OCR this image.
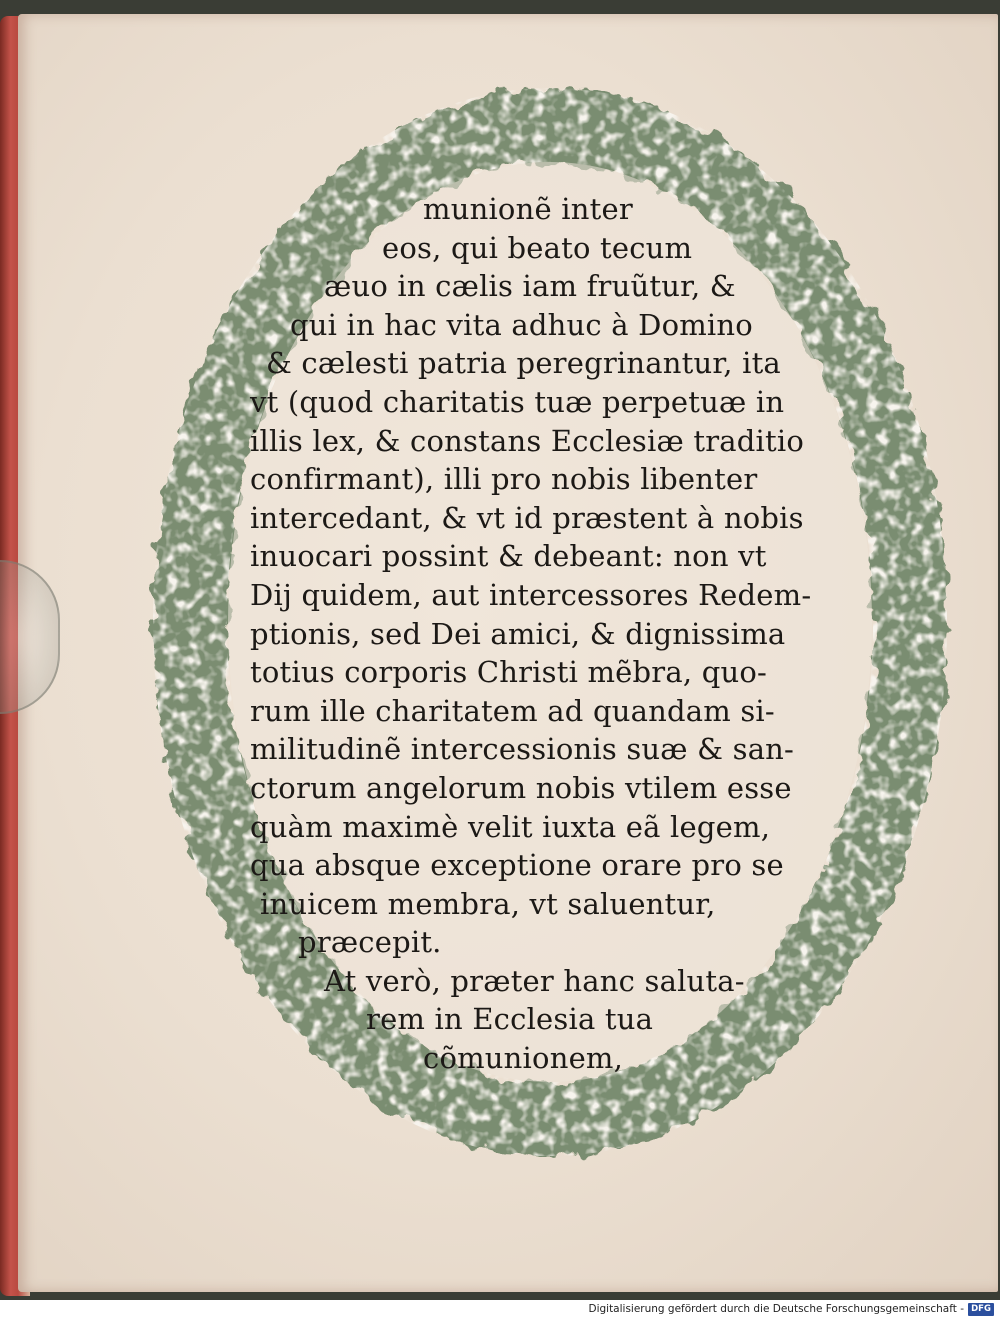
munionẽ inter
eos, qui beato tecum
æuo in cælis iam fruũtur, &
qui in hac vita adhuc à Domino
& cælesti patria peregrinantur, ita
vt (quod charitatis tuæ perpetuæ in
illis lex, & constans Ecclesiæ traditio
confirmant), illi pro nobis libenter
intercedant, & vt id præstent à nobis
inuocari possint & debeant: non vt
Dij quidem, aut intercessores Redem-
ptionis, sed Dei amici, & dignissima
totius corporis Christi mẽbra, quo-
rum ille charitatem ad quandam si-
militudinẽ intercessionis suæ & san-
ctorum angelorum nobis vtilem esse
quàm maximè velit iuxta eã legem,
qua absque exceptione orare pro se
inuicem membra, vt saluentur,
præcepit.
At verò, præter hanc saluta-
rem in Ecclesia tua
cõmunionem,
Digitalisierung gefördert durch die Deutsche Forschungsgemeinschaft - DFG
